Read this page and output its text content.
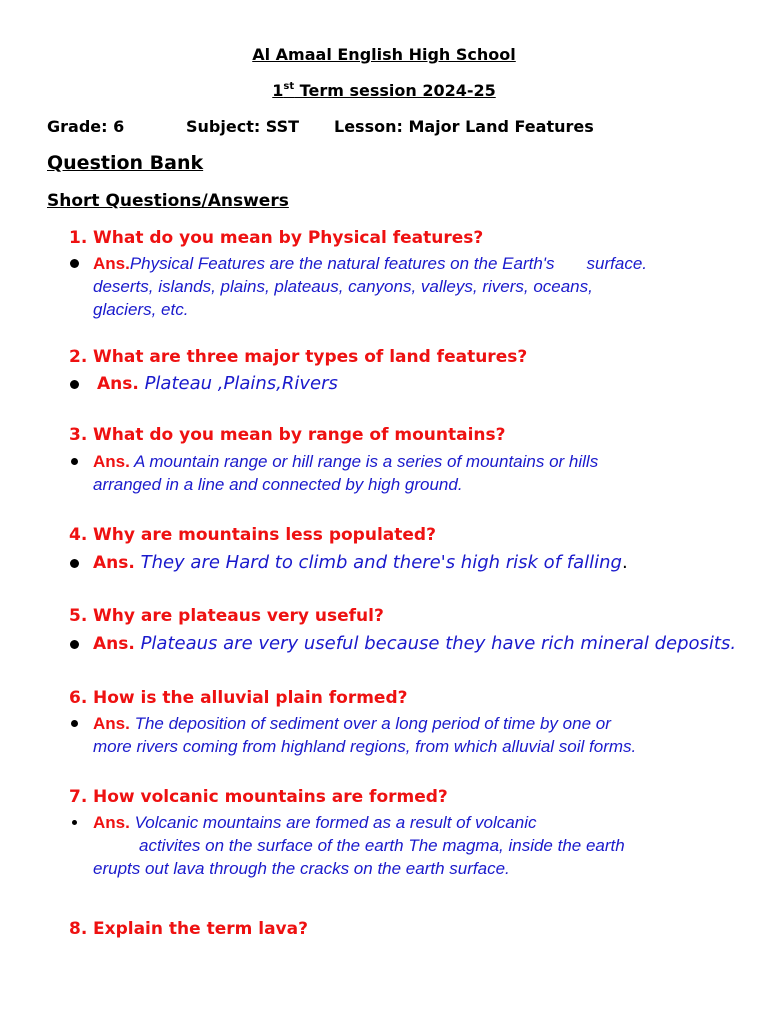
Al Amaal English High School
1st Term session 2024-25
Grade: 6	Subject: SST Lesson: Major Land Features
Question Bank
Short Questions/Answers
1. What do you mean by Physical features?
Ans.Physical Features are the natural features on the Earth's surface.
deserts, islands, plains, plateaus, canyons, valleys, rivers, oceans,
glaciers, etc.
2. What are three major types of land features?
Ans. Plateau ,Plains,Rivers
3. What do you mean by range of mountains?
Ans. A mountain range or hill range is a series of mountains or hills
arranged in a line and connected by high ground.
4. Why are mountains less populated?
Ans. They are Hard to climb and there's high risk of falling.
5. Why are plateaus very useful?
Ans. Plateaus are very useful because they have rich mineral deposits.
6. How is the alluvial plain formed?
Ans. The deposition of sediment over a long period of time by one or
more rivers coming from highland regions, from which alluvial soil forms.
7. How volcanic mountains are formed?
Ans. Volcanic mountains are formed as a result of volcanic
activites on the surface of the earth The magma, inside the earth
erupts out lava through the cracks on the earth surface.
8. Explain the term lava?
